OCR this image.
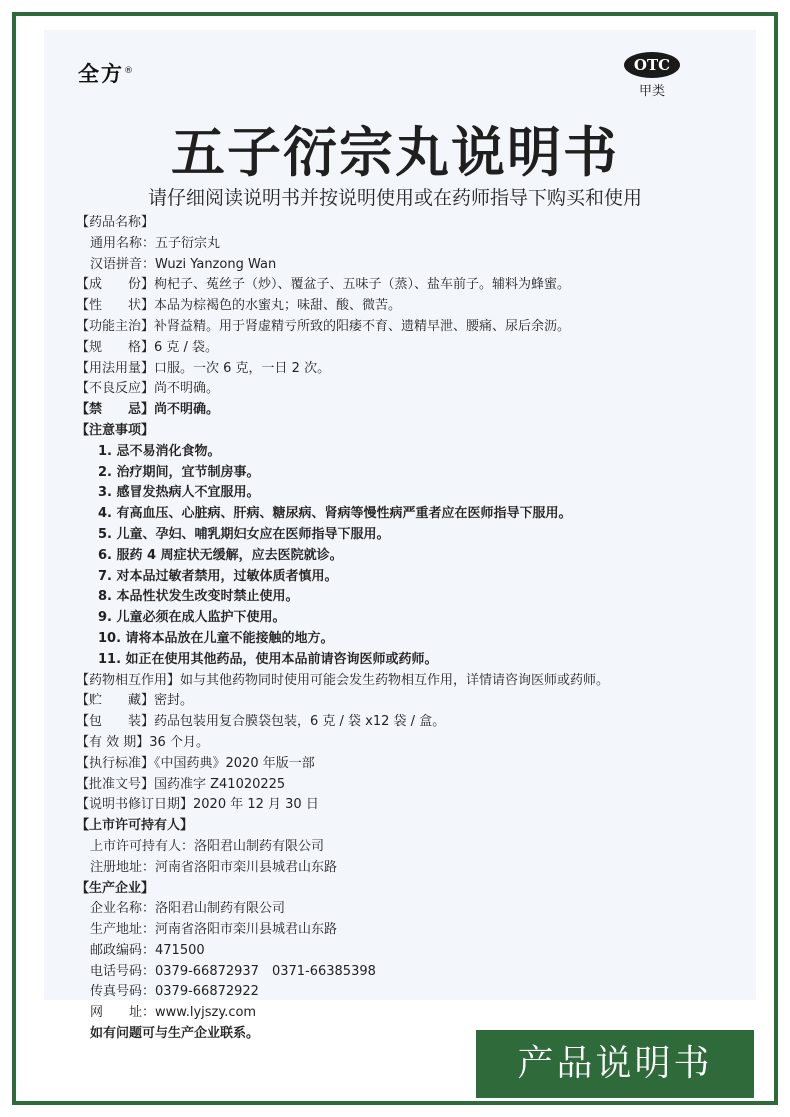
全方®	OTC
甲类
五子衍宗丸说明书
请仔细阅读说明书并按说明使用或在药师指导下购买和使用
【药品名称】
通用名称：五子衍宗丸
汉语拼音：Wuzi Yanzong Wan
【成　　份】枸杞子、菟丝子（炒）、覆盆子、五味子（蒸）、盐车前子。辅料为蜂蜜。
【性　　状】本品为棕褐色的水蜜丸；味甜、酸、微苦。
【功能主治】补肾益精。用于肾虚精亏所致的阳痿不育、遗精早泄、腰痛、尿后余沥。
【规　　格】6 克 / 袋。
【用法用量】口服。一次 6 克，一日 2 次。
【不良反应】尚不明确。
【禁　　忌】尚不明确。
【注意事项】
1. 忌不易消化食物。
2. 治疗期间，宜节制房事。
3. 感冒发热病人不宜服用。
4. 有高血压、心脏病、肝病、糖尿病、肾病等慢性病严重者应在医师指导下服用。
5. 儿童、孕妇、哺乳期妇女应在医师指导下服用。
6. 服药 4 周症状无缓解，应去医院就诊。
7. 对本品过敏者禁用，过敏体质者慎用。
8. 本品性状发生改变时禁止使用。
9. 儿童必须在成人监护下使用。
10. 请将本品放在儿童不能接触的地方。
11. 如正在使用其他药品，使用本品前请咨询医师或药师。
【药物相互作用】如与其他药物同时使用可能会发生药物相互作用，详情请咨询医师或药师。
【贮　　藏】密封。
【包　　装】药品包装用复合膜袋包装，6 克 / 袋 x12 袋 / 盒。
【有 效 期】36 个月。
【执行标准】《中国药典》2020 年版一部
【批准文号】国药准字 Z41020225
【说明书修订日期】2020 年 12 月 30 日
【上市许可持有人】
上市许可持有人：洛阳君山制药有限公司
注册地址：河南省洛阳市栾川县城君山东路
【生产企业】
企业名称：洛阳君山制药有限公司
生产地址：河南省洛阳市栾川县城君山东路
邮政编码：471500
电话号码：0379-66872937　0371-66385398
传真号码：0379-66872922
网　　址：www.lyjszy.com
如有问题可与生产企业联系。
产品说明书
